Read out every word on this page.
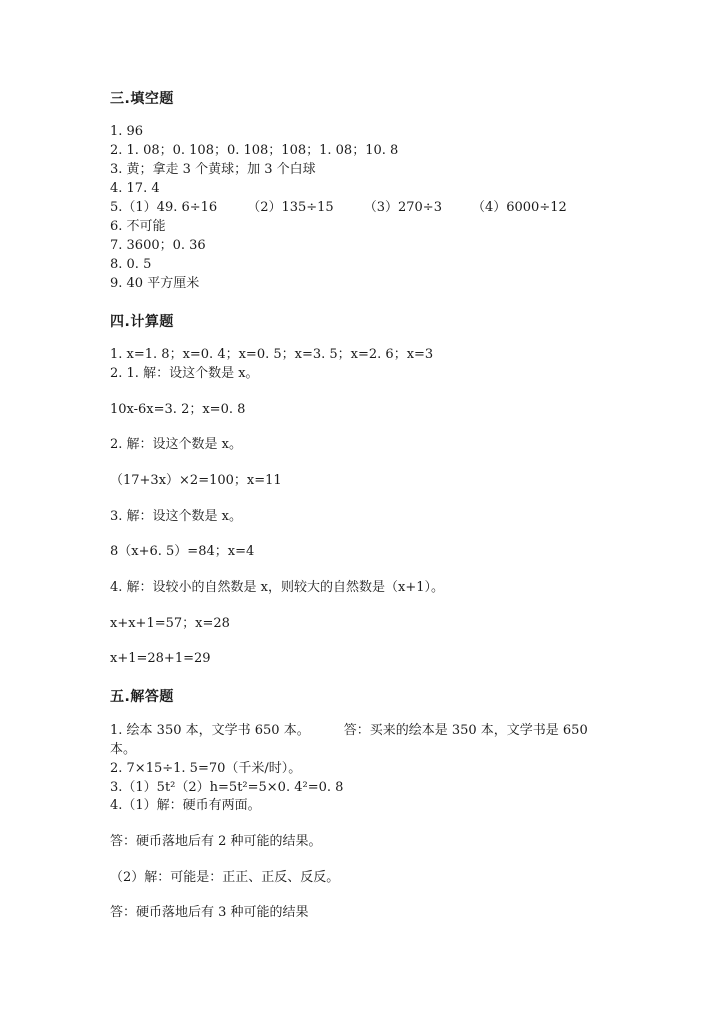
三.填空题
1. 96
2. 1. 08；0. 108；0. 108；108；1. 08；10. 8
3. 黄；拿走 3 个黄球；加 3 个白球
4. 17. 4
5.（1）49. 6÷16 （2）135÷15 （3）270÷3 （4）6000÷12
6. 不可能
7. 3600；0. 36
8. 0. 5
9. 40 平方厘米
四.计算题
1. x=1. 8；x=0. 4；x=0. 5；x=3. 5；x=2. 6；x=3
2. 1. 解：设这个数是 x。
10x-6x=3. 2；x=0. 8
2. 解：设这个数是 x。
（17+3x）×2=100；x=11
3. 解：设这个数是 x。
8（x+6. 5）=84；x=4
4. 解：设较小的自然数是 x，则较大的自然数是（x+1）。
x+x+1=57；x=28
x+1=28+1=29
五.解答题
1. 绘本 350 本，文学书 650 本。	答：买来的绘本是 350 本，文学书是 650
本。
2. 7×15÷1. 5=70（千米/时）。
3.（1）5t²（2）h=5t²=5×0. 4²=0. 8
4.（1）解：硬币有两面。
答：硬币落地后有 2 种可能的结果。
（2）解：可能是：正正、正反、反反。
答：硬币落地后有 3 种可能的结果
